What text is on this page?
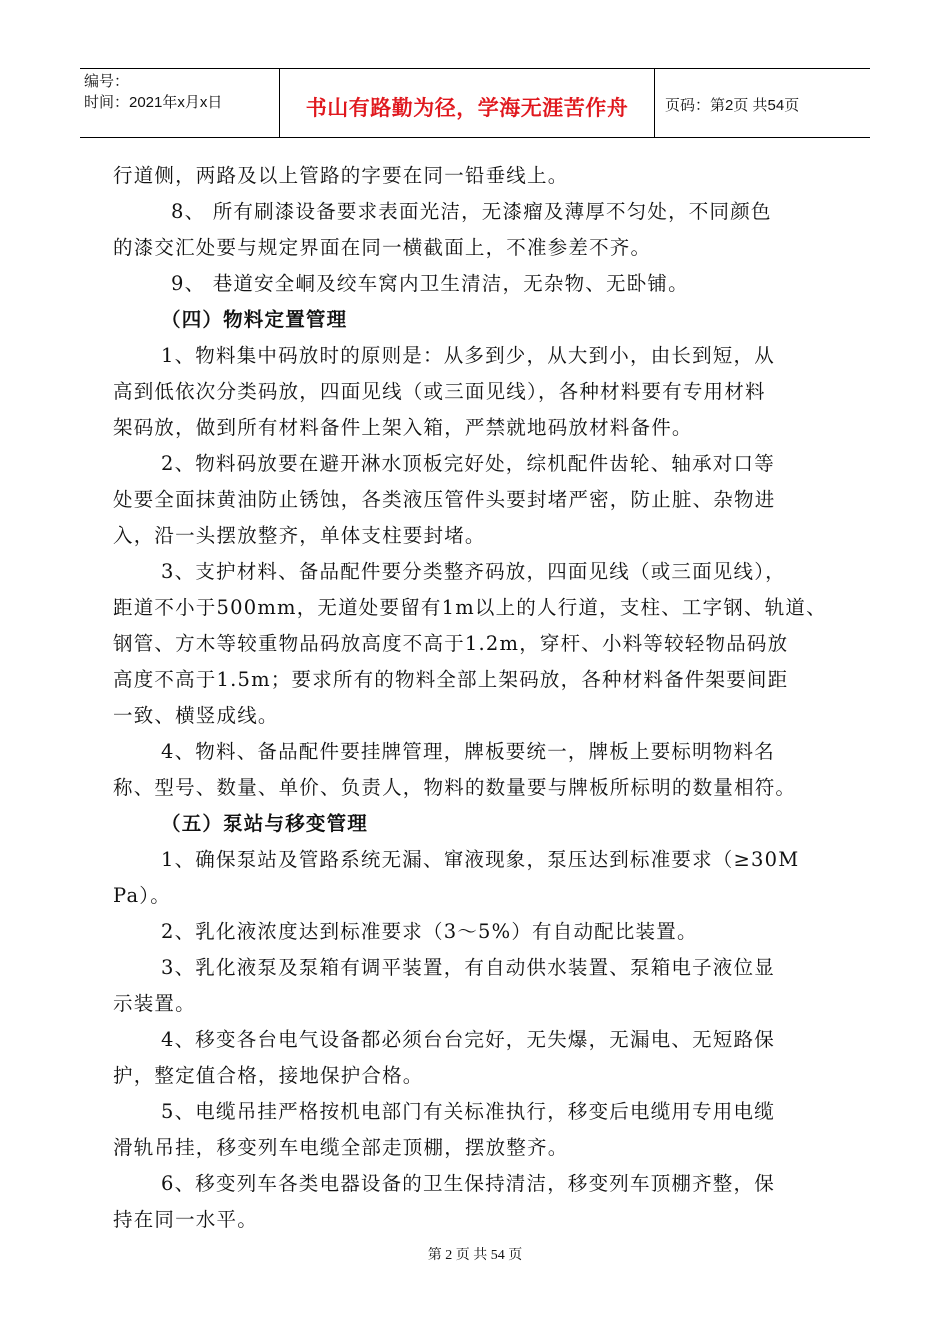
编号：
时间：2021年x月x日	书山有路勤为径，学海无涯苦作舟	页码：第2页 共54页
行道侧，两路及以上管路的字要在同一铅垂线上。
8、 所有刷漆设备要求表面光洁，无漆瘤及薄厚不匀处，不同颜色
的漆交汇处要与规定界面在同一横截面上，不准参差不齐。
9、 巷道安全峒及绞车窝内卫生清洁，无杂物、无卧铺。
（四）物料定置管理
1、物料集中码放时的原则是：从多到少，从大到小，由长到短，从
高到低依次分类码放，四面见线（或三面见线），各种材料要有专用材料
架码放，做到所有材料备件上架入箱，严禁就地码放材料备件。
2、物料码放要在避开淋水顶板完好处，综机配件齿轮、轴承对口等
处要全面抹黄油防止锈蚀，各类液压管件头要封堵严密，防止脏、杂物进
入，沿一头摆放整齐，单体支柱要封堵。
3、支护材料、备品配件要分类整齐码放，四面见线（或三面见线），
距道不小于500mm，无道处要留有1m以上的人行道，支柱、工字钢、轨道、
钢管、方木等较重物品码放高度不高于1.2m，穿杆、小料等较轻物品码放
高度不高于1.5m；要求所有的物料全部上架码放，各种材料备件架要间距
一致、横竖成线。
4、物料、备品配件要挂牌管理，牌板要统一，牌板上要标明物料名
称、型号、数量、单价、负责人，物料的数量要与牌板所标明的数量相符。
（五）泵站与移变管理
1、确保泵站及管路系统无漏、窜液现象，泵压达到标准要求（≥30M
Pa）。
2、乳化液浓度达到标准要求（3～5%）有自动配比装置。
3、乳化液泵及泵箱有调平装置，有自动供水装置、泵箱电子液位显
示装置。
4、移变各台电气设备都必须台台完好，无失爆，无漏电、无短路保
护，整定值合格，接地保护合格。
5、电缆吊挂严格按机电部门有关标准执行，移变后电缆用专用电缆
滑轨吊挂，移变列车电缆全部走顶棚，摆放整齐。
6、移变列车各类电器设备的卫生保持清洁，移变列车顶棚齐整，保
持在同一水平。
第 2 页 共 54 页
